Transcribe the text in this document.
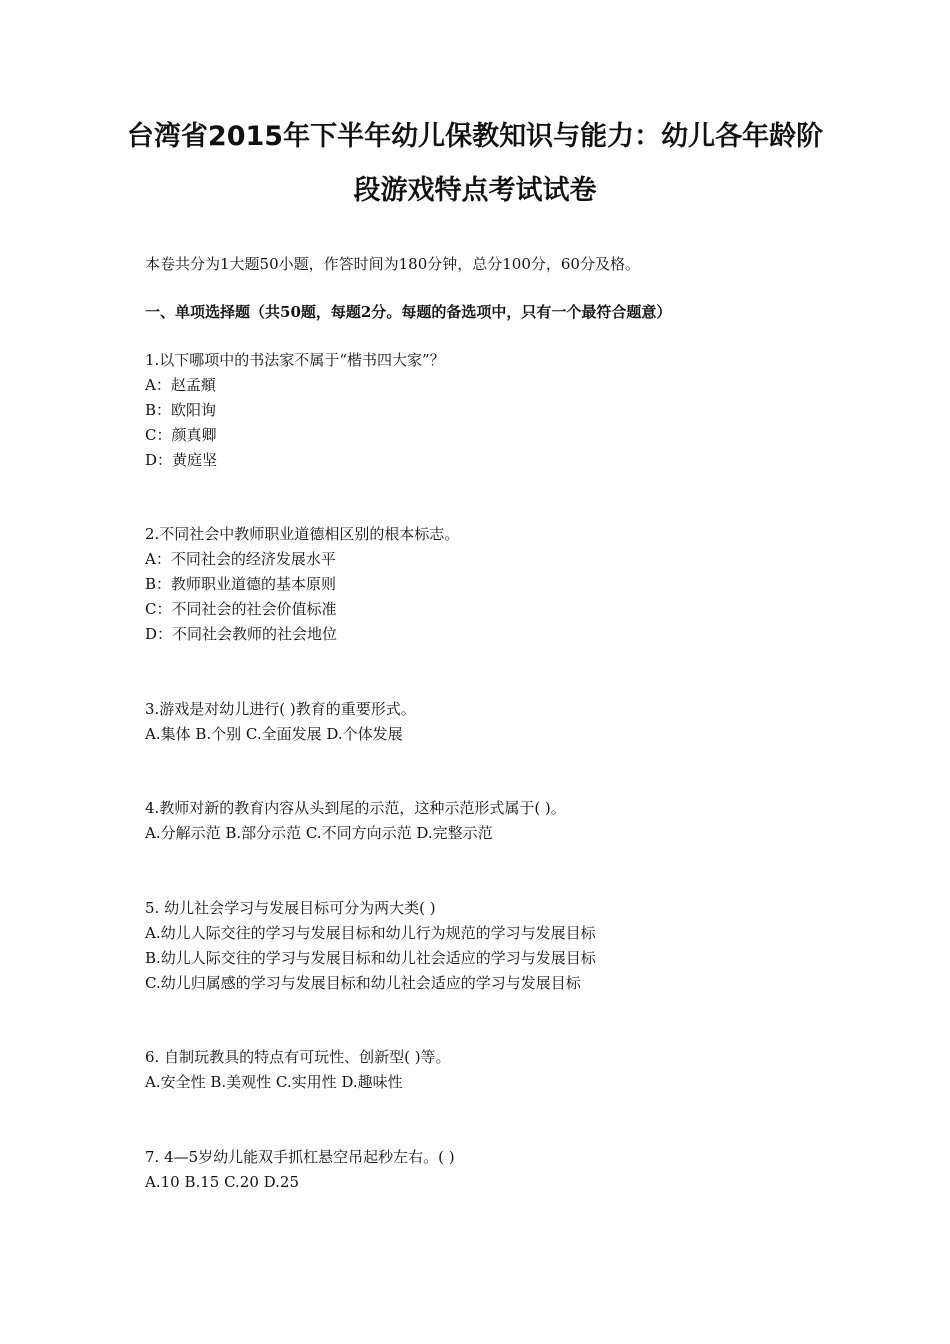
台湾省2015年下半年幼儿保教知识与能力：幼儿各年龄阶
段游戏特点考试试卷
本卷共分为1大题50小题，作答时间为180分钟，总分100分，60分及格。
一、单项选择题（共50题，每题2分。每题的备选项中，只有一个最符合题意）
1.以下哪项中的书法家不属于“楷书四大家”？
A：赵孟頫
B：欧阳询
C：颜真卿
D：黄庭坚
2.不同社会中教师职业道德相区别的根本标志。
A：不同社会的经济发展水平
B：教师职业道德的基本原则
C：不同社会的社会价值标准
D：不同社会教师的社会地位
3.游戏是对幼儿进行( )教育的重要形式。
A.集体 B.个别 C.全面发展 D.个体发展
4.教师对新的教育内容从头到尾的示范，这种示范形式属于( )。
A.分解示范 B.部分示范 C.不同方向示范 D.完整示范
5. 幼儿社会学习与发展目标可分为两大类( )
A.幼儿人际交往的学习与发展目标和幼儿行为规范的学习与发展目标
B.幼儿人际交往的学习与发展目标和幼儿社会适应的学习与发展目标
C.幼儿归属感的学习与发展目标和幼儿社会适应的学习与发展目标
6. 自制玩教具的特点有可玩性、创新型( )等。
A.安全性 B.美观性 C.实用性 D.趣味性
7. 4—5岁幼儿能双手抓杠悬空吊起秒左右。( )
A.10 B.15 C.20 D.25
